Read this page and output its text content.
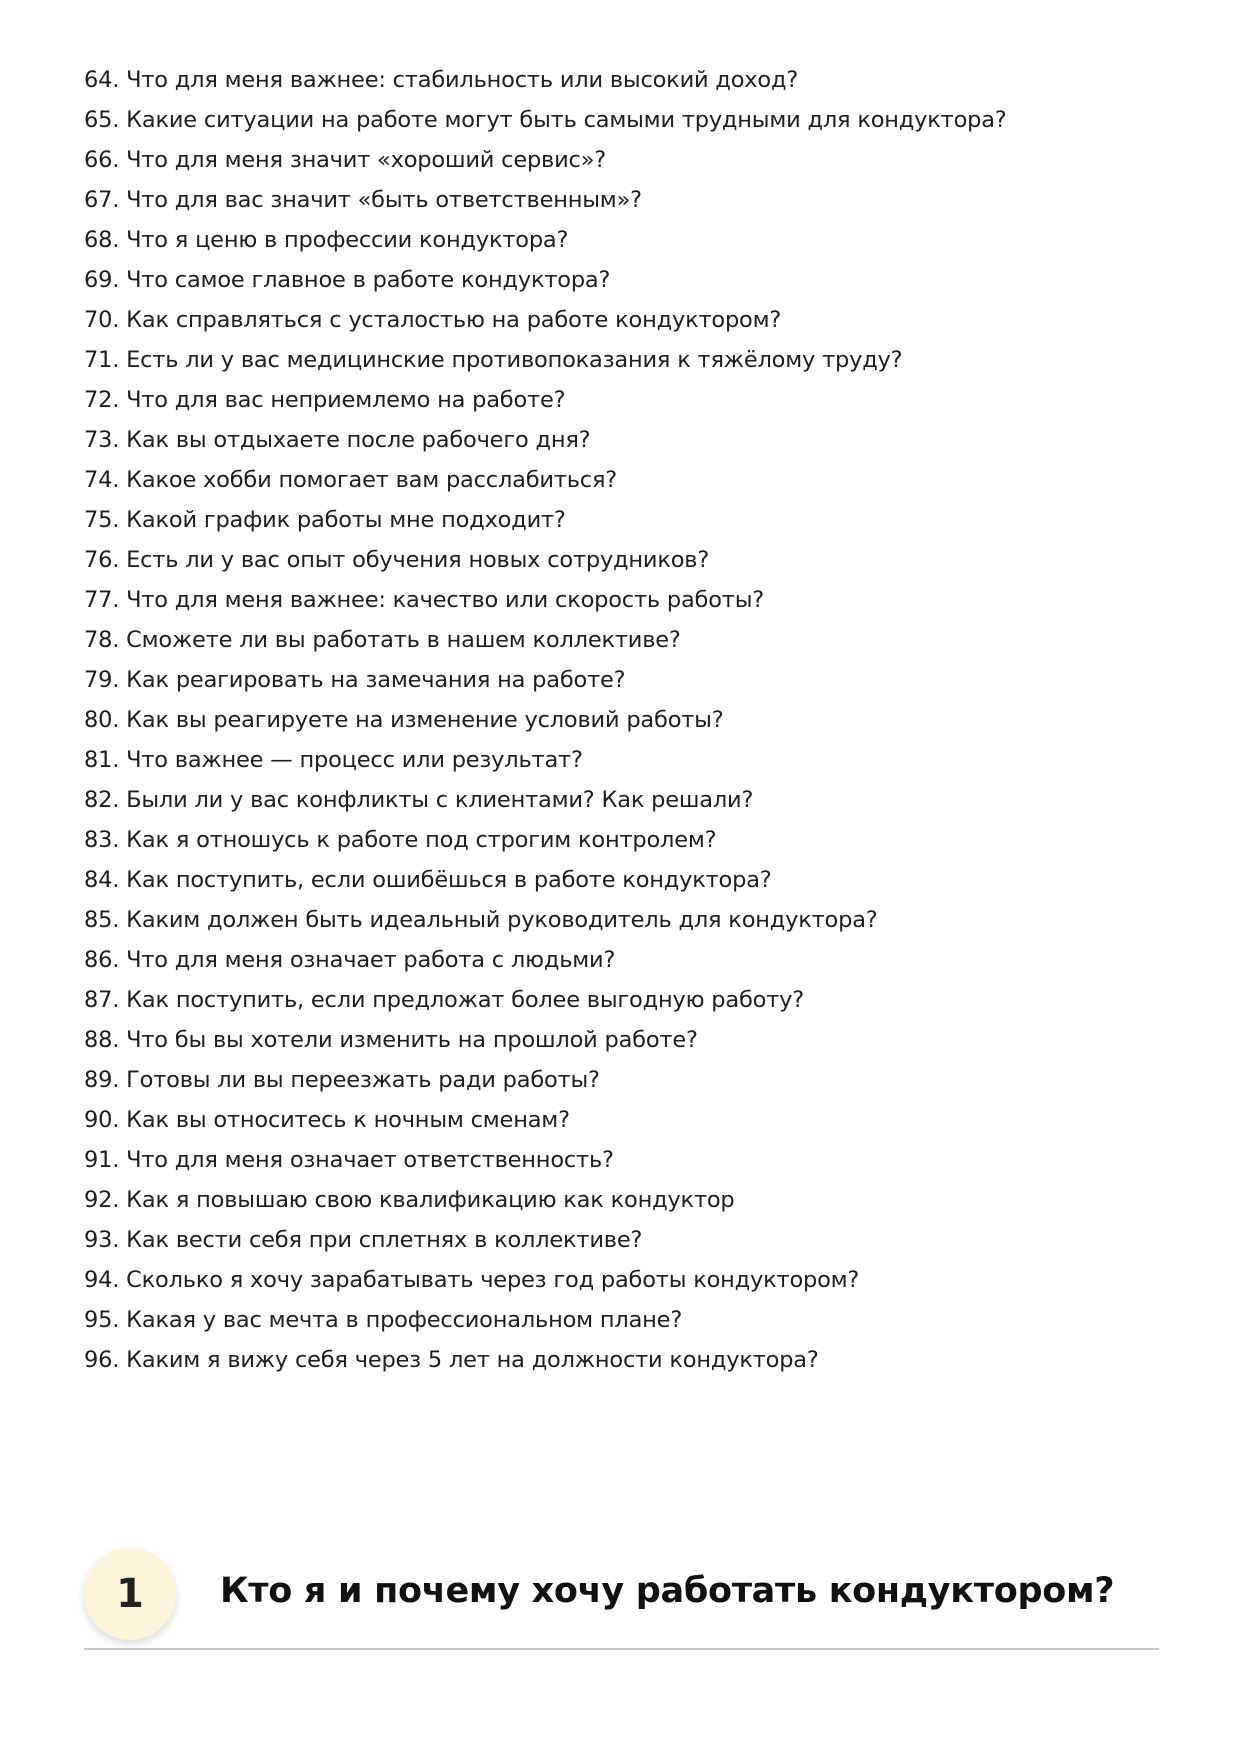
64. Что для меня важнее: стабильность или высокий доход?
65. Какие ситуации на работе могут быть самыми трудными для кондуктора?
66. Что для меня значит «хороший сервис»?
67. Что для вас значит «быть ответственным»?
68. Что я ценю в профессии кондуктора?
69. Что самое главное в работе кондуктора?
70. Как справляться с усталостью на работе кондуктором?
71. Есть ли у вас медицинские противопоказания к тяжёлому труду?
72. Что для вас неприемлемо на работе?
73. Как вы отдыхаете после рабочего дня?
74. Какое хобби помогает вам расслабиться?
75. Какой график работы мне подходит?
76. Есть ли у вас опыт обучения новых сотрудников?
77. Что для меня важнее: качество или скорость работы?
78. Сможете ли вы работать в нашем коллективе?
79. Как реагировать на замечания на работе?
80. Как вы реагируете на изменение условий работы?
81. Что важнее — процесс или результат?
82. Были ли у вас конфликты с клиентами? Как решали?
83. Как я отношусь к работе под строгим контролем?
84. Как поступить, если ошибёшься в работе кондуктора?
85. Каким должен быть идеальный руководитель для кондуктора?
86. Что для меня означает работа с людьми?
87. Как поступить, если предложат более выгодную работу?
88. Что бы вы хотели изменить на прошлой работе?
89. Готовы ли вы переезжать ради работы?
90. Как вы относитесь к ночным сменам?
91. Что для меня означает ответственность?
92. Как я повышаю свою квалификацию как кондуктор
93. Как вести себя при сплетнях в коллективе?
94. Сколько я хочу зарабатывать через год работы кондуктором?
95. Какая у вас мечта в профессиональном плане?
96. Каким я вижу себя через 5 лет на должности кондуктора?
1	Кто я и почему хочу работать кондуктором?
